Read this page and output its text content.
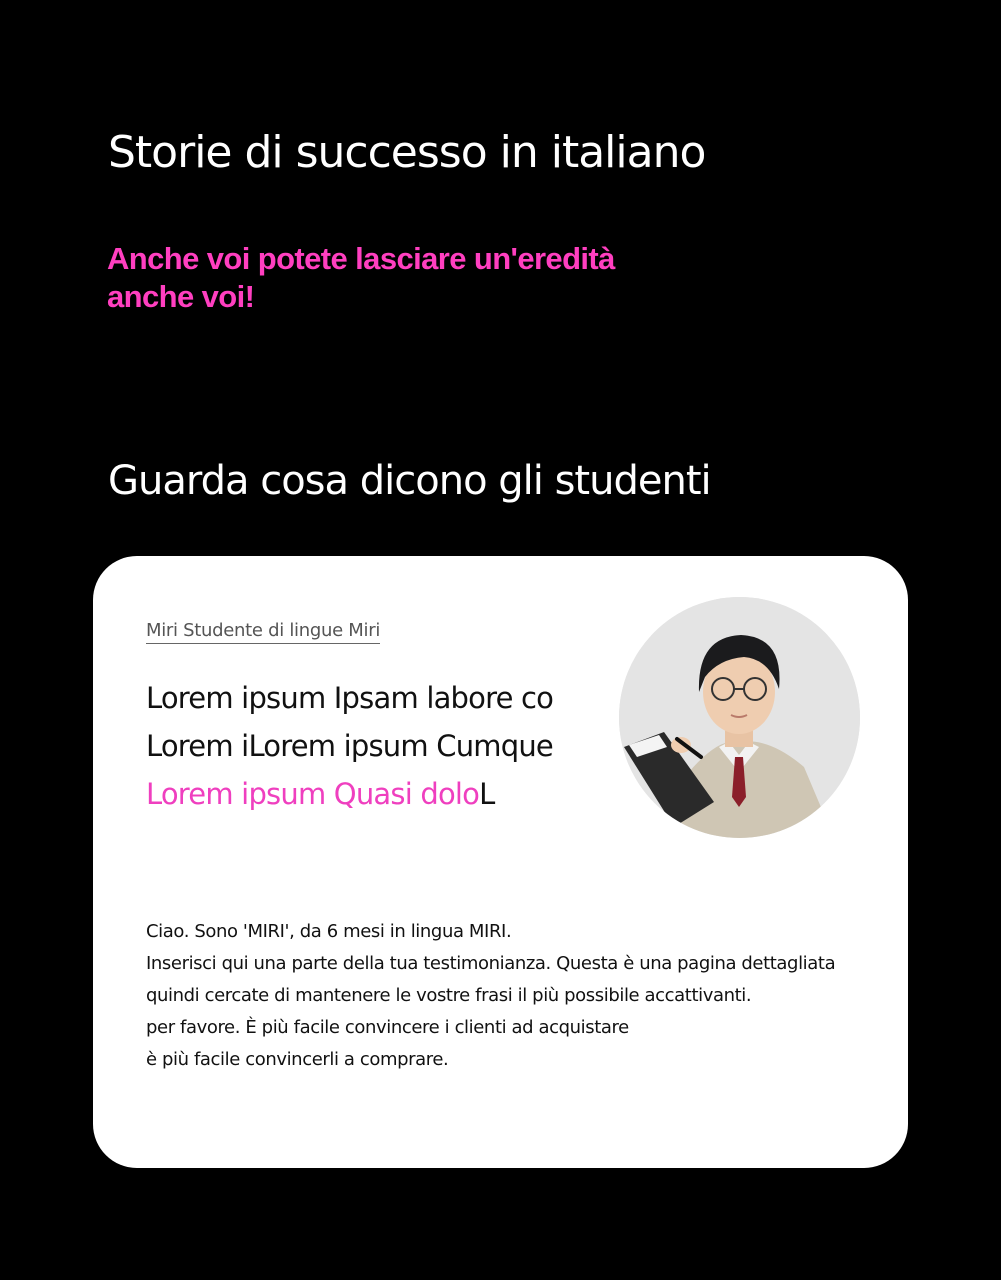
Storie di successo in italiano
Anche voi potete lasciare un'eredità
anche voi!
Guarda cosa dicono gli studenti
Miri Studente di lingue Miri
Lorem ipsum Ipsam labore co
Lorem iLorem ipsum Cumque
Lorem ipsum Quasi doloL
Ciao. Sono 'MIRI', da 6 mesi in lingua MIRI.
Inserisci qui una parte della tua testimonianza. Questa è una pagina dettagliata
quindi cercate di mantenere le vostre frasi il più possibile accattivanti.
per favore. È più facile convincere i clienti ad acquistare
è più facile convincerli a comprare.
